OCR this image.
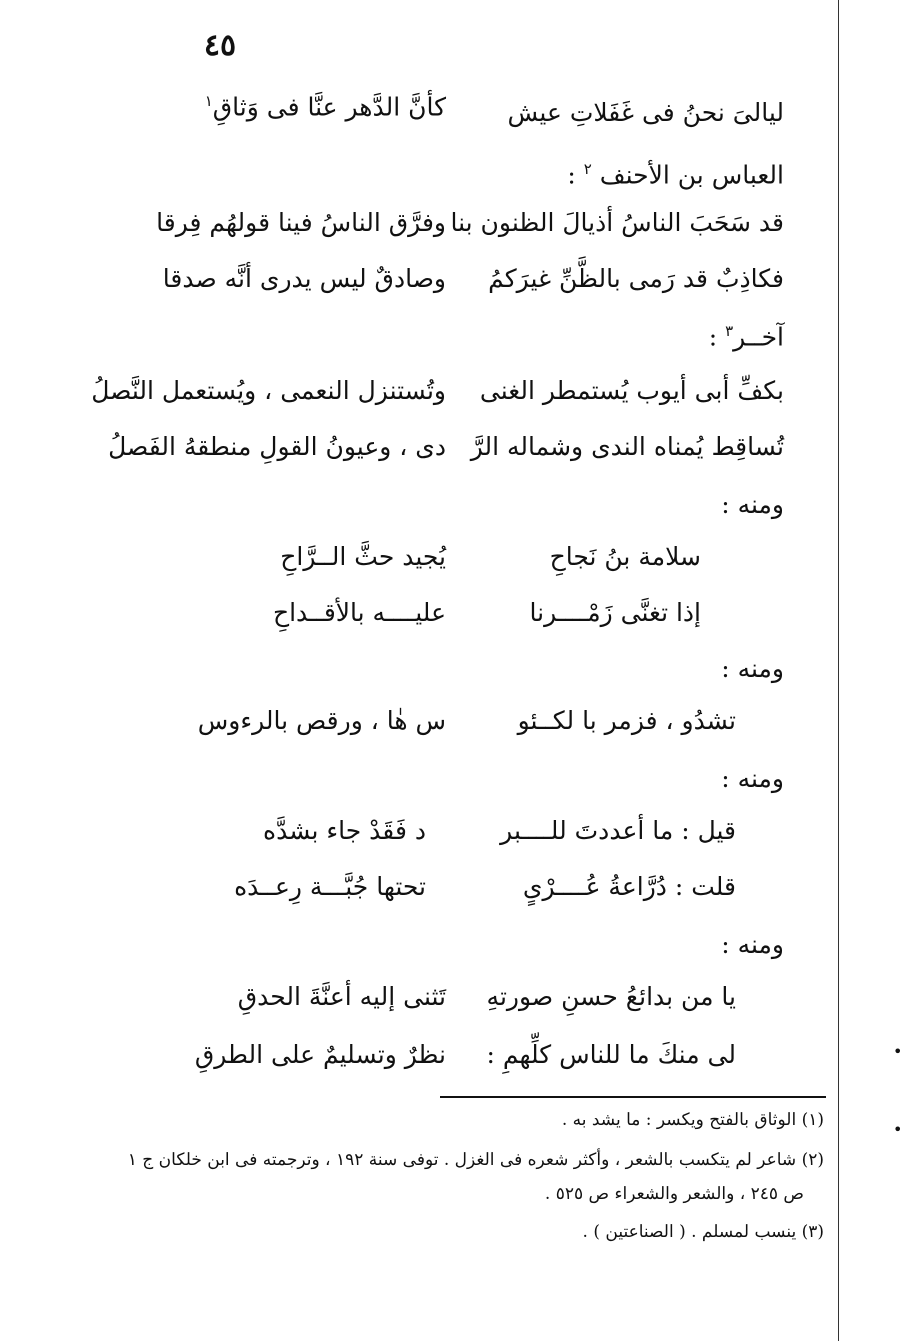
٤٥
ليالىَ نحنُ فى غَفَلاتِ عيش
كأنَّ الدَّهر عنَّا فى وَثاقِ$^١$
العباس بن الأحنف $^٢$ :
قد سَحَبَ الناسُ أذيالَ الظنون بنا
وفرَّق الناسُ فينا قولهُم فِرقا
فكاذِبٌ قد رَمى بالظَّنِّ غيرَكمُ
وصادقٌ ليس يدرى أنَّه صدقا
آخــر$^٣$ :
بكفِّ أبى أيوب يُستمطر الغنى
وتُستنزل النعمى ، ويُستعمل النَّصلُ
تُساقِط يُمناه الندى وشماله الرَّ
دى ، وعيونُ القولِ منطقهُ الفَصلُ
ومنه :
سلامة بنُ نَجاحِ
يُجيد حثَّ الــرَّاحِ
إذا تغنَّى زَمْــــرنا
عليــــه بالأقــداحِ
ومنه :
تشدُو ، فزمر با لكــئو
س هٰا ، ورقص بالرءوس
ومنه :
قيل : ما أعددتَ للــــبر
د فَقَدْ جاء بشدَّه
قلت : دُرَّاعةُ عُــــرْىٍ
تحتها جُبَّـــة رِعــدَه
ومنه :
يا من بدائعُ حسنِ صورتهِ
تَثنى إليه أعنَّةَ الحدقِ
لى منكَ ما للناس كلِّهمِ :
نظرٌ وتسليمٌ على الطرقِ
(١) الوثاق بالفتح ويكسر : ما يشد به .
(٢) شاعر لم يتكسب بالشعر ، وأكثر شعره فى الغزل . توفى سنة ١٩٢ ، وترجمته فى ابن خلكان ج ١
ص ٢٤٥ ، والشعر والشعراء ص ٥٢٥ .
(٣) ينسب لمسلم . ( الصناعتين ) .
•
•
